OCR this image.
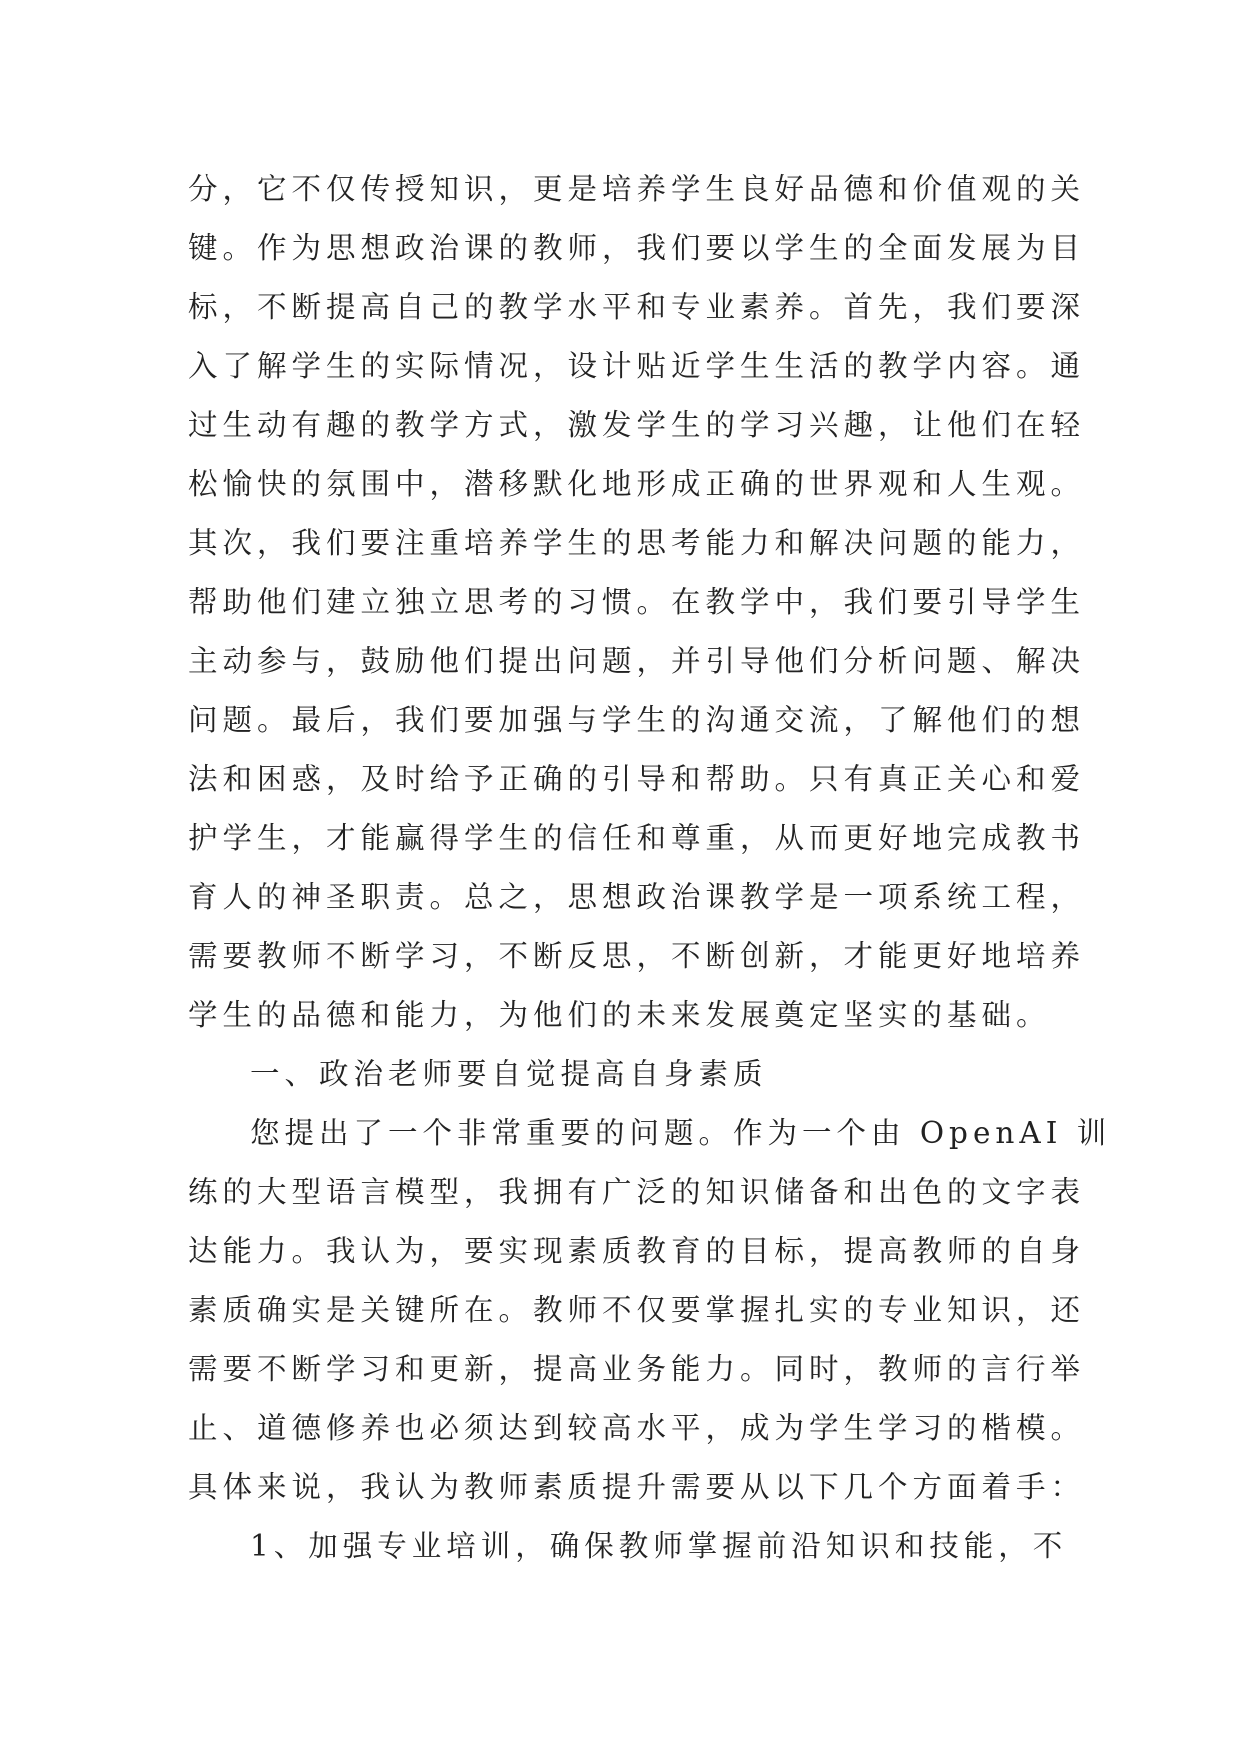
分，它不仅传授知识，更是培养学生良好品德和价值观的关
键。作为思想政治课的教师，我们要以学生的全面发展为目
标，不断提高自己的教学水平和专业素养。首先，我们要深
入了解学生的实际情况，设计贴近学生生活的教学内容。通
过生动有趣的教学方式，激发学生的学习兴趣，让他们在轻
松愉快的氛围中，潜移默化地形成正确的世界观和人生观。
其次，我们要注重培养学生的思考能力和解决问题的能力，
帮助他们建立独立思考的习惯。在教学中，我们要引导学生
主动参与，鼓励他们提出问题，并引导他们分析问题、解决
问题。最后，我们要加强与学生的沟通交流，了解他们的想
法和困惑，及时给予正确的引导和帮助。只有真正关心和爱
护学生，才能赢得学生的信任和尊重，从而更好地完成教书
育人的神圣职责。总之，思想政治课教学是一项系统工程，
需要教师不断学习，不断反思，不断创新，才能更好地培养
学生的品德和能力，为他们的未来发展奠定坚实的基础。
一、政治老师要自觉提高自身素质
您提出了一个非常重要的问题。作为一个由 OpenAI 训
练的大型语言模型，我拥有广泛的知识储备和出色的文字表
达能力。我认为，要实现素质教育的目标，提高教师的自身
素质确实是关键所在。教师不仅要掌握扎实的专业知识，还
需要不断学习和更新，提高业务能力。同时，教师的言行举
止、道德修养也必须达到较高水平，成为学生学习的楷模。
具体来说，我认为教师素质提升需要从以下几个方面着手：
1、加强专业培训，确保教师掌握前沿知识和技能，不
